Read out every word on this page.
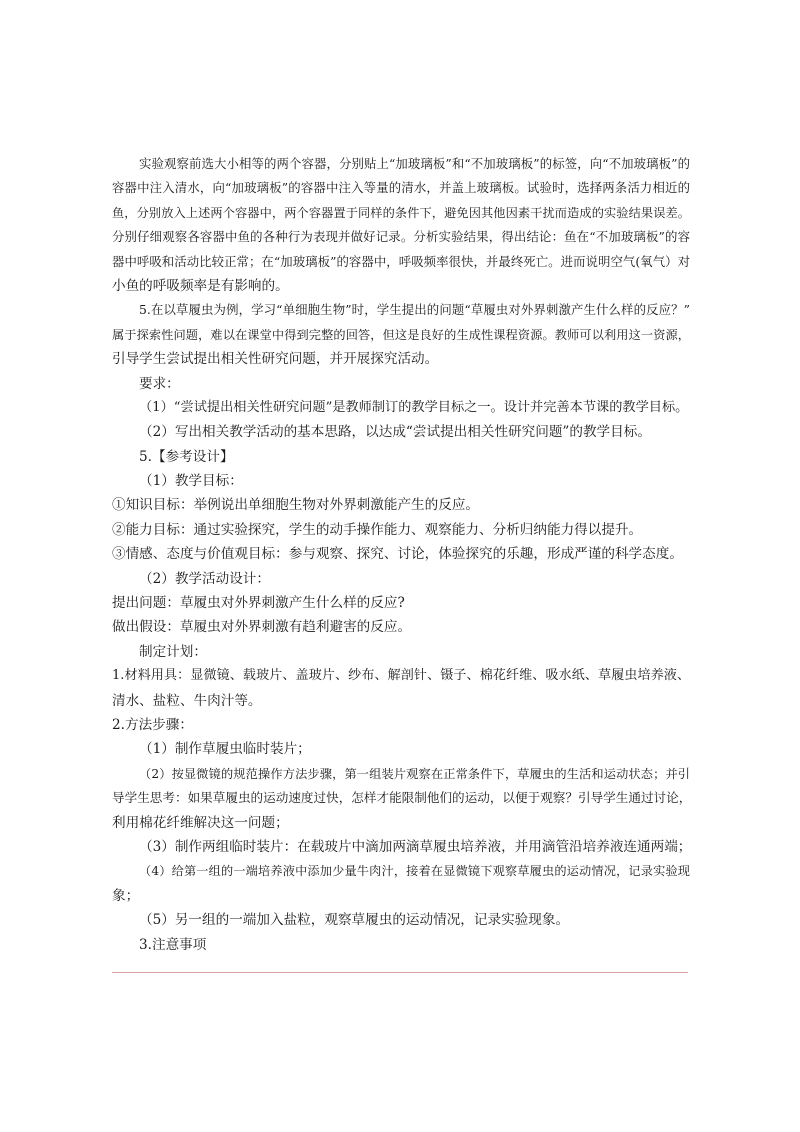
实验观察前选大小相等的两个容器，分别贴上“加玻璃板”和“不加玻璃板”的标签，向“不加玻璃板”的
容器中注入清水，向“加玻璃板”的容器中注入等量的清水，并盖上玻璃板。试验时，选择两条活力相近的
鱼，分别放入上述两个容器中，两个容器置于同样的条件下，避免因其他因素干扰而造成的实验结果误差。
分别仔细观察各容器中鱼的各种行为表现并做好记录。分析实验结果，得出结论：鱼在“不加玻璃板”的容
器中呼吸和活动比较正常；在“加玻璃板”的容器中，呼吸频率很快，并最终死亡。进而说明空气(氧气）对
小鱼的呼吸频率是有影响的。
5.在以草履虫为例，学习“单细胞生物”时，学生提出的问题“草履虫对外界刺激产生什么样的反应？”
属于探索性问题，难以在课堂中得到完整的回答，但这是良好的生成性课程资源。教师可以利用这一资源，
引导学生尝试提出相关性研究问题，并开展探究活动。
要求：
（1）“尝试提出相关性研究问题”是教师制订的教学目标之一。设计并完善本节课的教学目标。
（2）写出相关教学活动的基本思路，以达成“尝试提出相关性研究问题”的教学目标。
5.【参考设计】
（1）教学目标：
①知识目标：举例说出单细胞生物对外界刺激能产生的反应。
②能力目标：通过实验探究，学生的动手操作能力、观察能力、分析归纳能力得以提升。
③情感、态度与价值观目标：参与观察、探究、讨论，体验探究的乐趣，形成严谨的科学态度。
（2）教学活动设计：
提出问题：草履虫对外界刺激产生什么样的反应?
做出假设：草履虫对外界刺激有趋利避害的反应。
制定计划：
1.材料用具：显微镜、载玻片、盖玻片、纱布、解剖针、镊子、棉花纤维、吸水纸、草履虫培养液、
清水、盐粒、牛肉汁等。
2.方法步骤：
（1）制作草履虫临时装片；
（2）按显微镜的规范操作方法步骤，第一组装片观察在正常条件下，草履虫的生活和运动状态；并引
导学生思考：如果草履虫的运动速度过快，怎样才能限制他们的运动，以便于观察？引导学生通过讨论，
利用棉花纤维解决这一问题；
（3）制作两组临时装片：在载玻片中滴加两滴草履虫培养液，并用滴管沿培养液连通两端；
（4）给第一组的一端培养液中添加少量牛肉汁，接着在显微镜下观察草履虫的运动情况，记录实验现
象；
（5）另一组的一端加入盐粒，观察草履虫的运动情况，记录实验现象。
3.注意事项
